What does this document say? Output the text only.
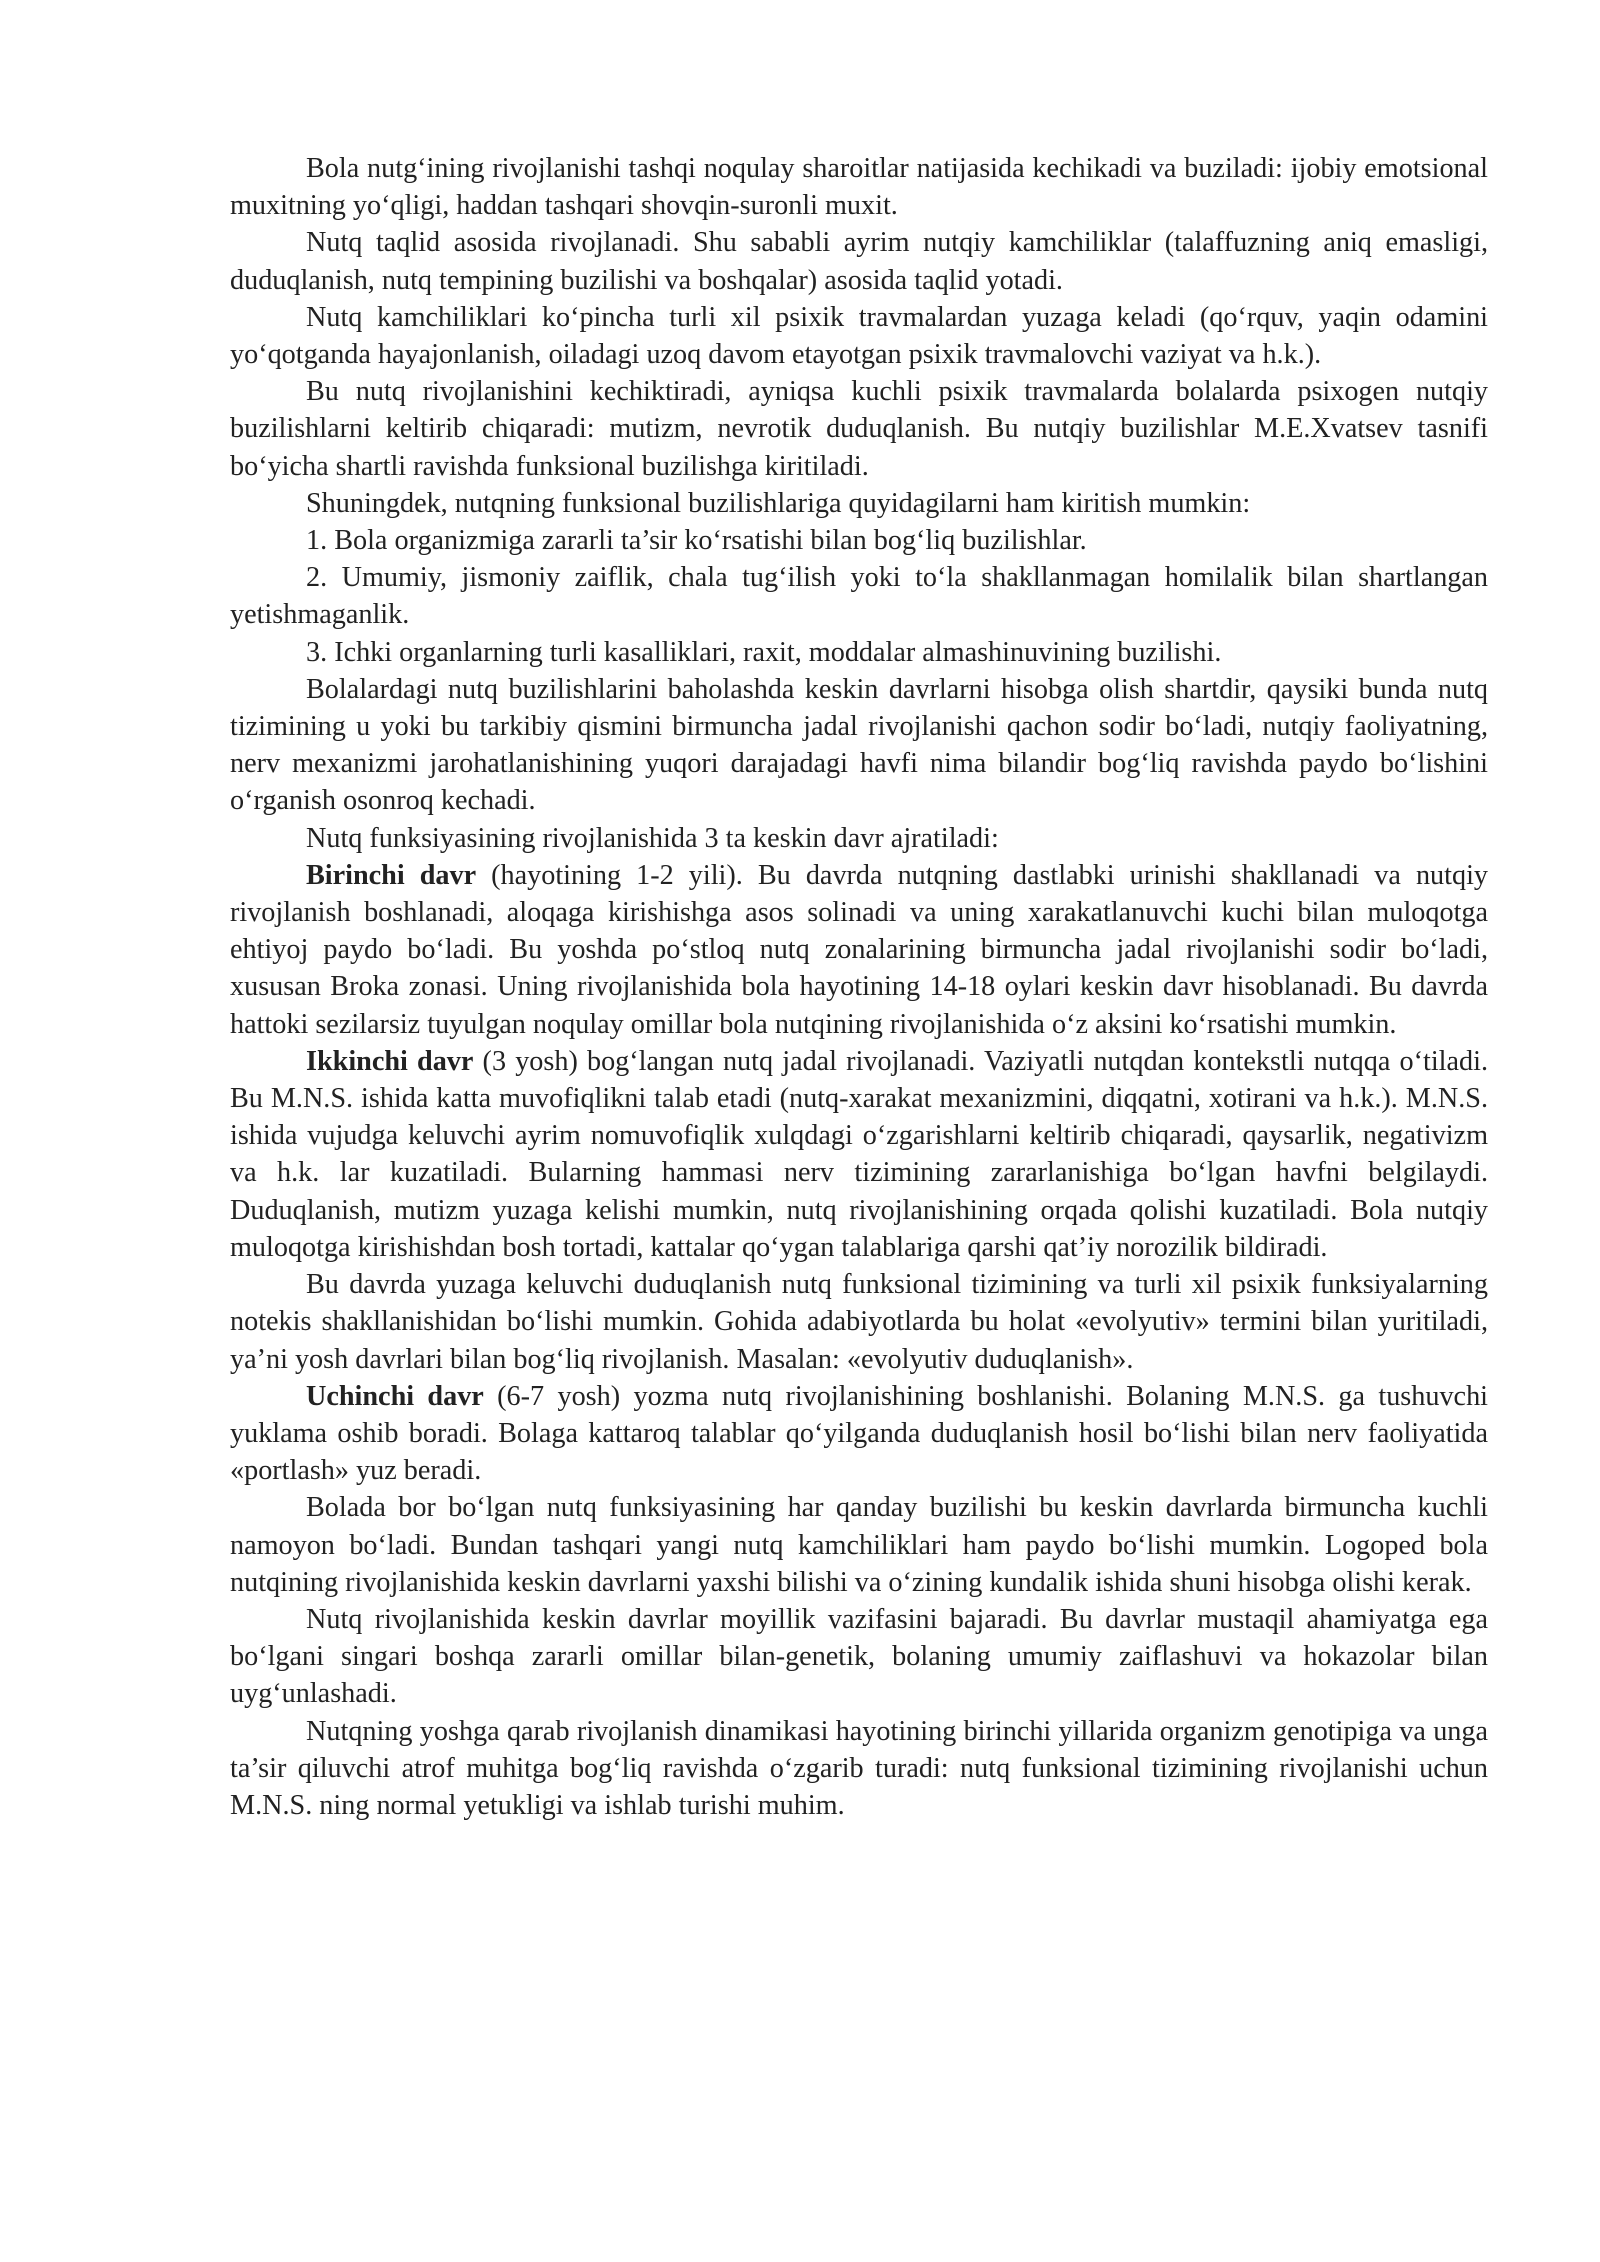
Bola nutg‘ining rivojlanishi tashqi noqulay sharoitlar natijasida kechikadi va buziladi: ijobiy emotsional muxitning yo‘qligi, haddan tashqari shovqin-suronli muxit.

Nutq taqlid asosida rivojlanadi. Shu sababli ayrim nutqiy kamchiliklar (talaffuzning aniq emasligi, duduqlanish, nutq tempining buzilishi va boshqalar) asosida taqlid yotadi.

Nutq kamchiliklari ko‘pincha turli xil psixik travmalardan yuzaga keladi (qo‘rquv, yaqin odamini yo‘qotganda hayajonlanish, oiladagi uzoq davom etayotgan psixik travmalovchi vaziyat va h.k.).

Bu nutq rivojlanishini kechiktiradi, ayniqsa kuchli psixik travmalarda bolalarda psixogen nutqiy buzilishlarni keltirib chiqaradi: mutizm, nevrotik duduqlanish. Bu nutqiy buzilishlar M.E.Xvatsev tasnifi bo‘yicha shartli ravishda funksional buzilishga kiritiladi.

Shuningdek, nutqning funksional buzilishlariga quyidagilarni ham kiritish mumkin:

1. Bola organizmiga zararli ta’sir ko‘rsatishi bilan bog‘liq buzilishlar.

2. Umumiy, jismoniy zaiflik, chala tug‘ilish yoki to‘la shakllanmagan homilalik bilan shartlangan yetishmaganlik.

3. Ichki organlarning turli kasalliklari, raxit, moddalar almashinuvining buzilishi.

Bolalardagi nutq buzilishlarini baholashda keskin davrlarni hisobga olish shartdir, qaysiki bunda nutq tizimining u yoki bu tarkibiy qismini birmuncha jadal rivojlanishi qachon sodir bo‘ladi, nutqiy faoliyatning, nerv mexanizmi jarohatlanishining yuqori darajadagi havfi nima bilandir bog‘liq ravishda paydo bo‘lishini o‘rganish osonroq kechadi.

Nutq funksiyasining rivojlanishida 3 ta keskin davr ajratiladi:

Birinchi davr (hayotining 1-2 yili). Bu davrda nutqning dastlabki urinishi shakllanadi va nutqiy rivojlanish boshlanadi, aloqaga kirishishga asos solinadi va uning xarakatlanuvchi kuchi bilan muloqotga ehtiyoj paydo bo‘ladi. Bu yoshda po‘stloq nutq zonalarining birmuncha jadal rivojlanishi sodir bo‘ladi, xususan Broka zonasi. Uning rivojlanishida bola hayotining 14-18 oylari keskin davr hisoblanadi. Bu davrda hattoki sezilarsiz tuyulgan noqulay omillar bola nutqining rivojlanishida o‘z aksini ko‘rsatishi mumkin.

Ikkinchi davr (3 yosh) bog‘langan nutq jadal rivojlanadi. Vaziyatli nutqdan kontekstli nutqqa o‘tiladi. Bu M.N.S. ishida katta muvofiqlikni talab etadi (nutq-xarakat mexanizmini, diqqatni, xotirani va h.k.). M.N.S. ishida vujudga keluvchi ayrim nomuvofiqlik xulqdagi o‘zgarishlarni keltirib chiqaradi, qaysarlik, negativizm va h.k. lar kuzatiladi. Bularning hammasi nerv tizimining zararlanishiga bo‘lgan havfni belgilaydi. Duduqlanish, mutizm yuzaga kelishi mumkin, nutq rivojlanishining orqada qolishi kuzatiladi. Bola nutqiy muloqotga kirishishdan bosh tortadi, kattalar qo‘ygan talablariga qarshi qat’iy norozilik bildiradi.

Bu davrda yuzaga keluvchi duduqlanish nutq funksional tizimining va turli xil psixik funksiyalarning notekis shakllanishidan bo‘lishi mumkin. Gohida adabiyotlarda bu holat «evolyutiv» termini bilan yuritiladi, ya’ni yosh davrlari bilan bog‘liq rivojlanish. Masalan: «evolyutiv duduqlanish».

Uchinchi davr (6-7 yosh) yozma nutq rivojlanishining boshlanishi. Bolaning M.N.S. ga tushuvchi yuklama oshib boradi. Bolaga kattaroq talablar qo‘yilganda duduqlanish hosil bo‘lishi bilan nerv faoliyatida «portlash» yuz beradi.

Bolada bor bo‘lgan nutq funksiyasining har qanday buzilishi bu keskin davrlarda birmuncha kuchli namoyon bo‘ladi. Bundan tashqari yangi nutq kamchiliklari ham paydo bo‘lishi mumkin. Logoped bola nutqining rivojlanishida keskin davrlarni yaxshi bilishi va o‘zining kundalik ishida shuni hisobga olishi kerak.

Nutq rivojlanishida keskin davrlar moyillik vazifasini bajaradi. Bu davrlar mustaqil ahamiyatga ega bo‘lgani singari boshqa zararli omillar bilan-genetik, bolaning umumiy zaiflashuvi va hokazolar bilan uyg‘unlashadi.

Nutqning yoshga qarab rivojlanish dinamikasi hayotining birinchi yillarida organizm genotipiga va unga ta’sir qiluvchi atrof muhitga bog‘liq ravishda o‘zgarib turadi: nutq funksional tizimining rivojlanishi uchun M.N.S. ning normal yetukligi va ishlab turishi muhim.
